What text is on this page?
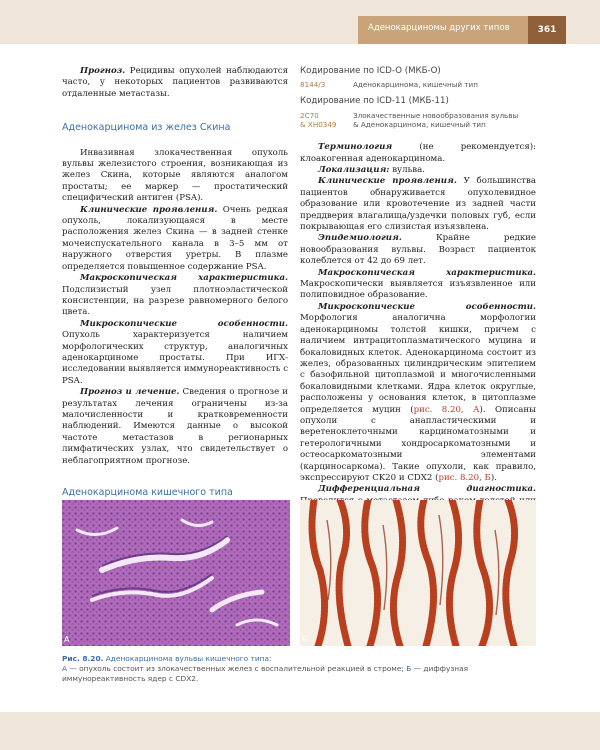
Аденокарциномы других типов	361

Прогноз. Рецидивы опухолей наблюдаются часто, у некоторых пациентов развиваются отдаленные метастазы.

Аденокарцинома из желез Скина

Инвазивная злокачественная опухоль вульвы железистого строения, возникающая из желез Скина, которые являются аналогом простаты; ее маркер — простатический специфический антиген (PSA).

Клинические проявления. Очень редкая опухоль, локализующаяся в месте расположения желез Скина — в задней стенке мочеиспускательного канала в 3–5 мм от наружного отверстия уретры. В плазме определяется повышенное содержание PSA.

Макроскопическая характеристика. Подслизистый узел плотноэластической консистенции, на разрезе равномерного белого цвета.

Микроскопические особенности. Опухоль характеризуется наличием морфологических структур, аналогичных аденокарциноме простаты. При ИГХ-исследовании выявляется иммунореактивность с PSA.

Прогноз и лечение. Сведения о прогнозе и результатах лечения ограничены из-за малочисленности и кратковременности наблюдений. Имеются данные о высокой частоте метастазов в регионарных лимфатических узлах, что свидетельствует о неблагоприятном прогнозе.

Аденокарцинома кишечного типа

Кодирование по ICD-O (МКБ-О)

8144/3	Аденокарцинома, кишечный тип

Кодирование по ICD-11 (МКБ-11)

2C70	Злокачественные новообразования вульвы
& XH0349	& Аденокарцинома, кишечный тип

Терминология (не рекомендуется): клоакогенная аденокарцинома.

Локализация: вульва.

Клинические проявления. У большинства пациентов обнаруживается опухолевидное образование или кровотечение из задней части преддверия влагалища/уздечки половых губ, если покрывающая его слизистая изъязвлена.

Эпидемиология. Крайне редкие новообразования вульвы. Возраст пациенток колеблется от 42 до 69 лет.

Макроскопическая характеристика. Макроскопически выявляется изъязвленное или полиповидное образование.

Микроскопические особенности. Морфология аналогична морфологии аденокарциномы толстой кишки, причем с наличием интрацитоплазматического муцина и бокаловидных клеток. Аденокарцинома состоит из желез, образованных цилиндрическим эпителием с базофильной цитоплазмой и многочисленными бокаловидными клетками. Ядра клеток округлые, расположены у основания клеток, в цитоплазме определяется муцин (рис. 8.20, А). Описаны опухоли с анапластическими и веретеноклеточными карциноматозными и гетерологичными хондросаркоматозными и остеосаркоматозными элементами (карциносаркома). Такие опухоли, как правило, экспрессируют CK20 и CDX2 (рис. 8.20, Б).

Дифференциальная диагностика.

А	Б
Рис. 8.20. Аденокарцинома вульвы кишечного типа:
А — опухоль состоит из злокачественных желез с воспалительной реакцией в строме; Б — диффузная иммунореактивность ядер с CDX2.
